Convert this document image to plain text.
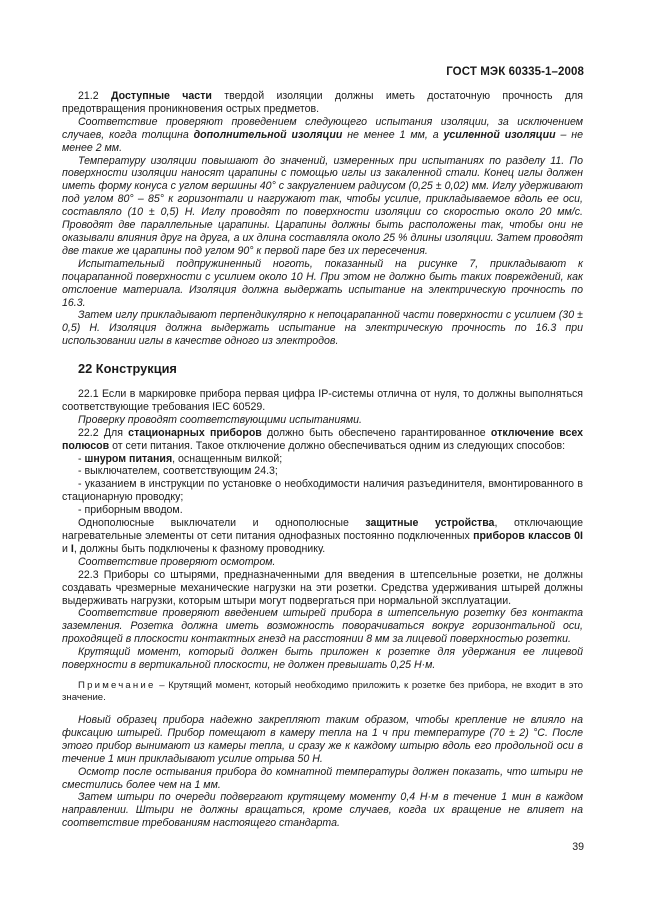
ГОСТ МЭК 60335-1–2008

21.2 Доступные части твердой изоляции должны иметь достаточную прочность для предотвращения проникновения острых предметов.

Соответствие проверяют проведением следующего испытания изоляции, за исключением случаев, когда толщина дополнительной изоляции не менее 1 мм, а усиленной изоляции – не менее 2 мм.

Температуру изоляции повышают до значений, измеренных при испытаниях по разделу 11. По поверхности изоляции наносят царапины с помощью иглы из закаленной стали. Конец иглы должен иметь форму конуса с углом вершины 40° с закруглением радиусом (0,25 ± 0,02) мм. Иглу удерживают под углом 80° – 85° к горизонтали и нагружают так, чтобы усилие, прикладываемое вдоль ее оси, составляло (10 ± 0,5) Н. Иглу проводят по поверхности изоляции со скоростью около 20 мм/с. Проводят две параллельные царапины. Царапины должны быть расположены так, чтобы они не оказывали влияния друг на друга, а их длина составляла около 25 % длины изоляции. Затем проводят две такие же царапины под углом 90° к первой паре без их пересечения.

Испытательный подпружиненный ноготь, показанный на рисунке 7, прикладывают к поцарапанной поверхности с усилием около 10 Н. При этом не должно быть таких повреждений, как отслоение материала. Изоляция должна выдержать испытание на электрическую прочность по 16.3.

Затем иглу прикладывают перпендикулярно к непоцарапанной части поверхности с усилием (30 ± 0,5) Н. Изоляция должна выдержать испытание на электрическую прочность по 16.3 при использовании иглы в качестве одного из электродов.

22 Конструкция

22.1 Если в маркировке прибора первая цифра IP-системы отлична от нуля, то должны выполняться соответствующие требования IEC 60529.

Проверку проводят соответствующими испытаниями.

22.2 Для стационарных приборов должно быть обеспечено гарантированное отключение всех полюсов от сети питания. Такое отключение должно обеспечиваться одним из следующих способов:

- шнуром питания, оснащенным вилкой;

- выключателем, соответствующим 24.3;

- указанием в инструкции по установке о необходимости наличия разъединителя, вмонтированного в стационарную проводку;

- приборным вводом.

Однополюсные выключатели и однополюсные защитные устройства, отключающие нагревательные элементы от сети питания однофазных постоянно подключенных приборов классов 0I и I, должны быть подключены к фазному проводнику.

Соответствие проверяют осмотром.

22.3 Приборы со штырями, предназначенными для введения в штепсельные розетки, не должны создавать чрезмерные механические нагрузки на эти розетки. Средства удерживания штырей должны выдерживать нагрузки, которым штыри могут подвергаться при нормальной эксплуатации.

Соответствие проверяют введением штырей прибора в штепсельную розетку без контакта заземления. Розетка должна иметь возможность поворачиваться вокруг горизонтальной оси, проходящей в плоскости контактных гнезд на расстоянии 8 мм за лицевой поверхностью розетки.

Крутящий момент, который должен быть приложен к розетке для удержания ее лицевой поверхности в вертикальной плоскости, не должен превышать 0,25 Н·м.

Примечание – Крутящий момент, который необходимо приложить к розетке без прибора, не входит в это значение.

Новый образец прибора надежно закрепляют таким образом, чтобы крепление не влияло на фиксацию штырей. Прибор помещают в камеру тепла на 1 ч при температуре (70 ± 2) °С. После этого прибор вынимают из камеры тепла, и сразу же к каждому штырю вдоль его продольной оси в течение 1 мин прикладывают усилие отрыва 50 Н.

Осмотр после остывания прибора до комнатной температуры должен показать, что штыри не сместились более чем на 1 мм.

Затем штыри по очереди подвергают крутящему моменту 0,4 Н·м в течение 1 мин в каждом направлении. Штыри не должны вращаться, кроме случаев, когда их вращение не влияет на соответствие требованиям настоящего стандарта.

39
